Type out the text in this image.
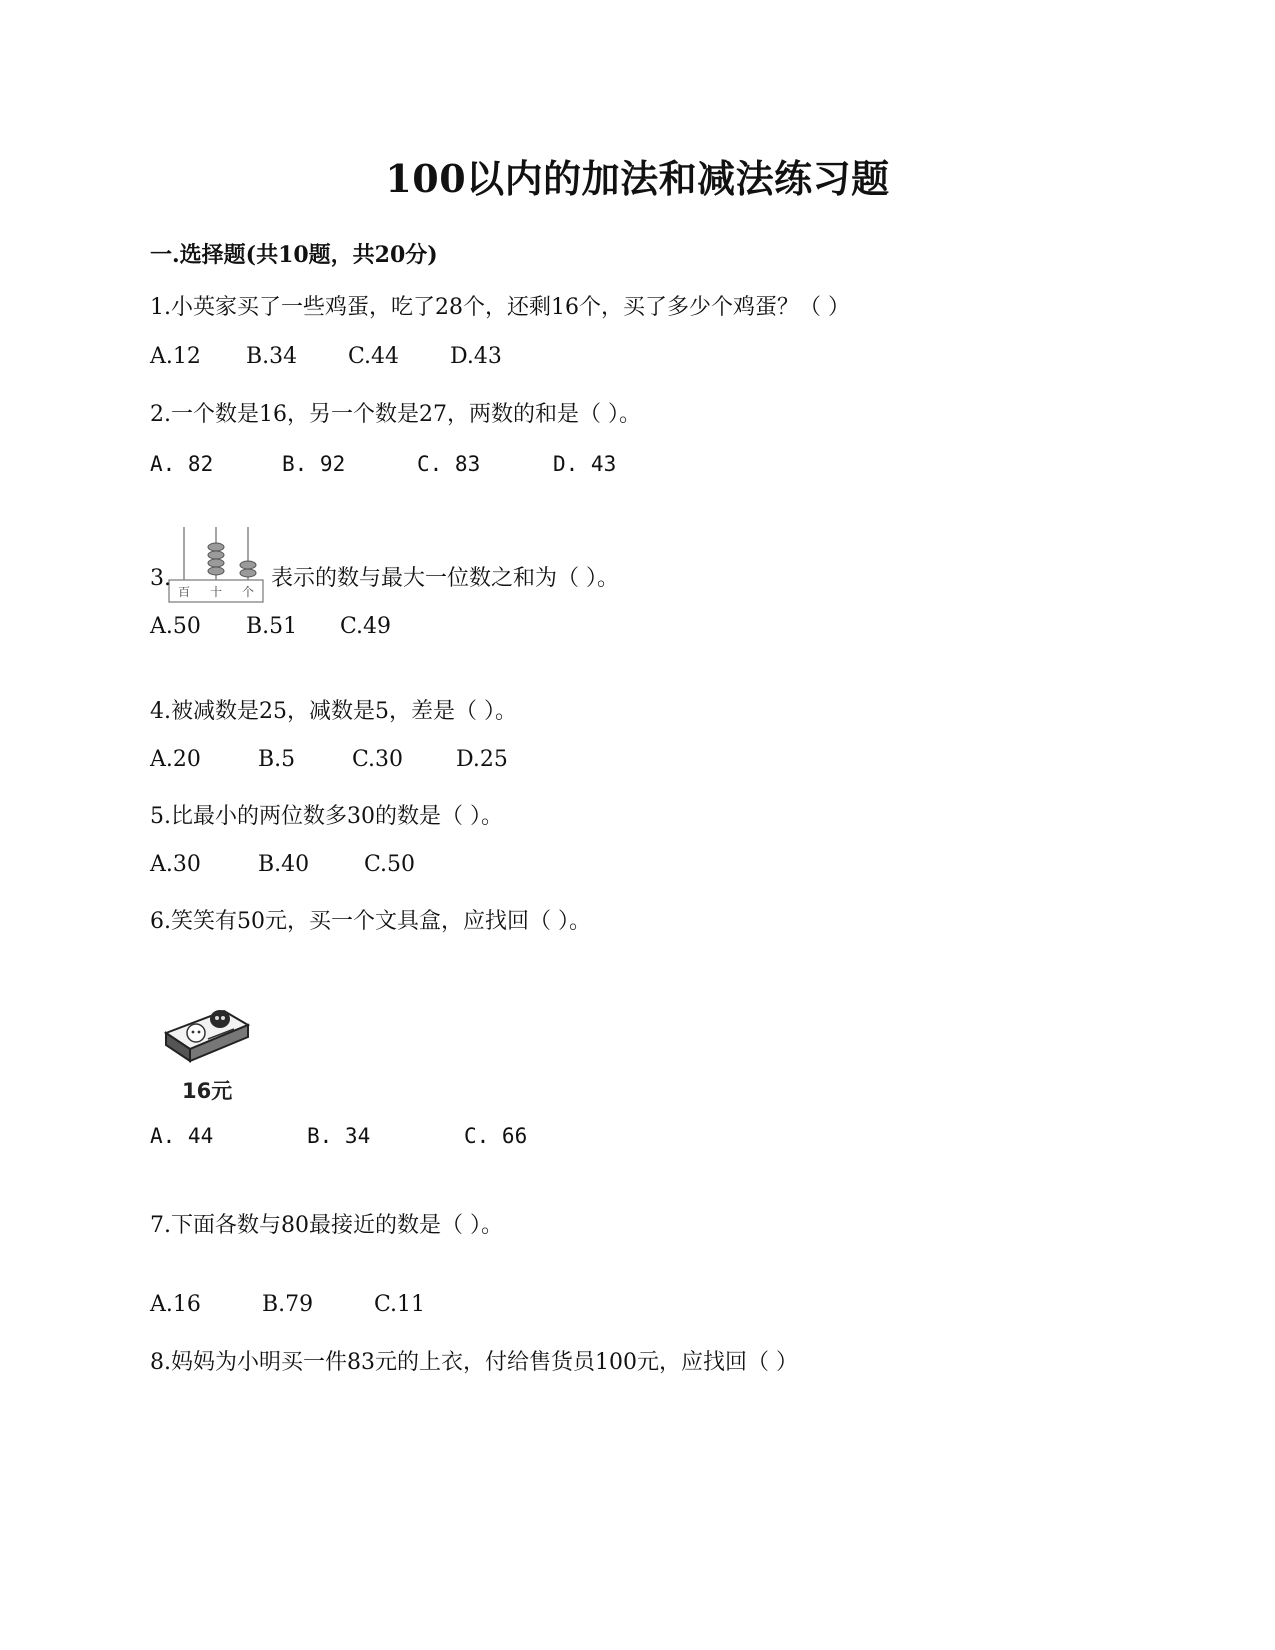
100以内的加法和减法练习题
一.选择题(共10题，共20分)
1.小英家买了一些鸡蛋，吃了28个，还剩16个，买了多少个鸡蛋？（ ）
A.12 B.34 C.44 D.43
2.一个数是16，另一个数是27，两数的和是（ ）。
A. 82	B. 92	C. 83	D. 43
百 十 个
3.	表示的数与最大一位数之和为（ ）。
A.50 B.51 C.49
4.被减数是25，减数是5，差是（ ）。
A.20	B.5	C.30 D.25
5.比最小的两位数多30的数是（ ）。
A.30	B.40 C.50
6.笑笑有50元，买一个文具盒，应找回（ ）。
16元
A. 44	B. 34	C. 66
7.下面各数与80最接近的数是（ ）。
A.16	B.79	C.11
8.妈妈为小明买一件83元的上衣，付给售货员100元，应找回（ ）
